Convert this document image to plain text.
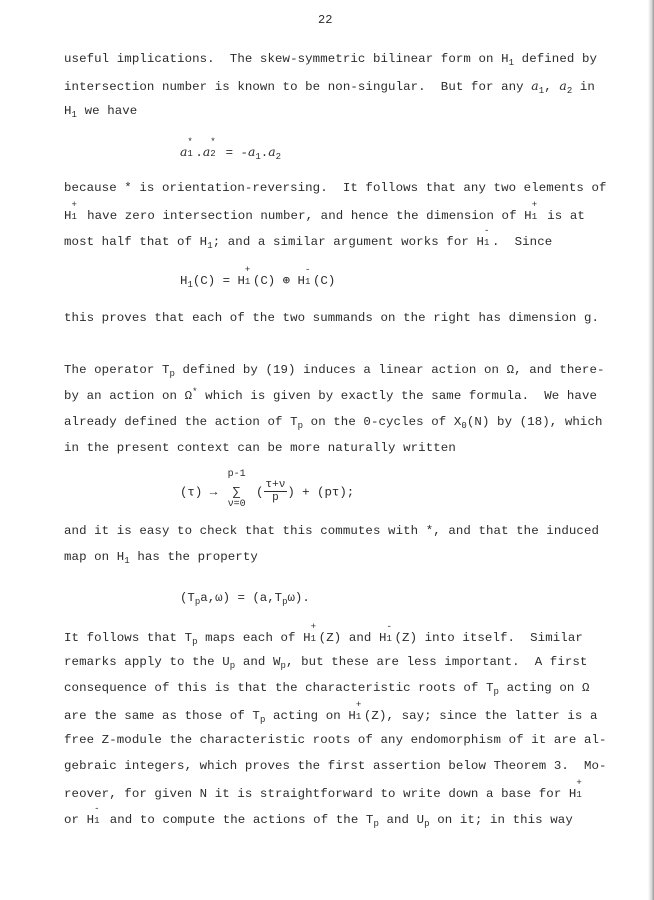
22
useful implications.  The skew-symmetric bilinear form on $H_1$ defined by
intersection number is known to be non-singular.  But for any $a_1$, $a_2$ in
$H_1$ we have
a
*
1 .a
*
$2 = -a_1.a_2$
because * is orientation-reversing.  It follows that any two elements of
H
+
1 have zero intersection number, and hence the dimension of H
+
1 is at
most half that of $H_1$; and a similar argument works for H
-
1 .  Since
$H_1(C) = H$
+
1 (C) ⊕ H
-
1 (C)
this proves that each of the two summands on the right has dimension g.
The operator $T_p$ defined by (19) induces a linear action on Ω, and there-
by an action on Ω* which is given by exactly the same formula.  We have
already defined the action of $T_p$ on the 0-cycles of $X_0(N)$ by (18), which
in the present context can be more naturally written
(τ) →
p-1
∑
ν=0
( $\frac{\tau+\nu}{p}$ ) + (pτ);
and it is easy to check that this commutes with *, and that the induced
map on $H_1$ has the property
$(T_pa,\omega) = (a,T_p\omega)$.
It follows that $T_p$ maps each of H
+
1 (Z) and H
-
1 (Z) into itself.  Similar
remarks apply to the $U_p$ and $W_p$, but these are less important.  A first
consequence of this is that the characteristic roots of $T_p$ acting on Ω
are the same as those of $T_p$ acting on H
+
1 (Z), say; since the latter is a
free Z-module the characteristic roots of any endomorphism of it are al-
gebraic integers, which proves the first assertion below Theorem 3.  Mo-
reover, for given N it is straightforward to write down a base for H
+
1
or H
-
1 and to compute the actions of the $T_p$ and $U_p$ on it; in this way
